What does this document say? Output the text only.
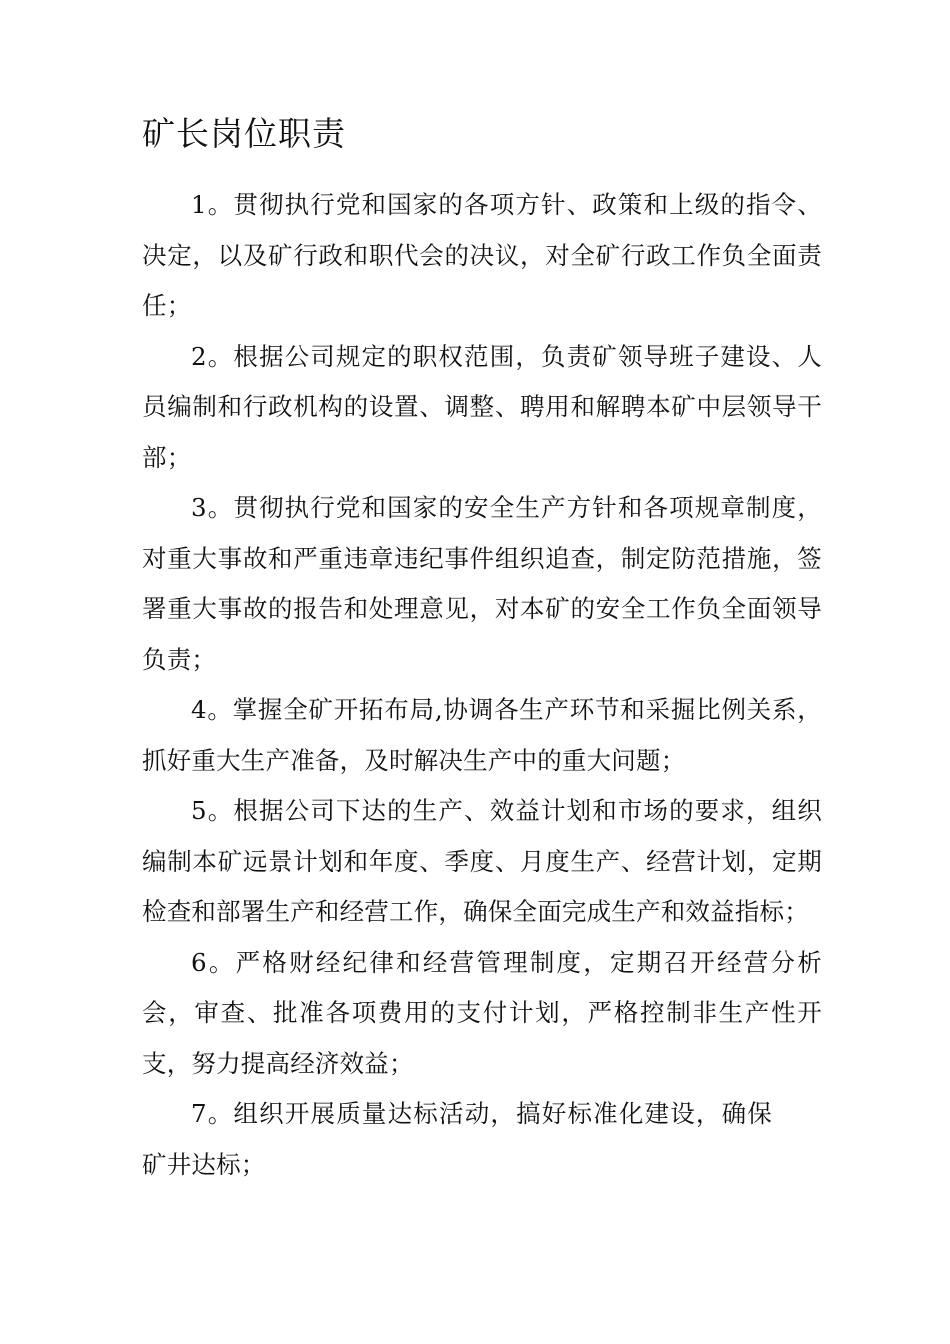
矿长岗位职责

1。贯彻执行党和国家的各项方针、政策和上级的指令、决定，以及矿行政和职代会的决议，对全矿行政工作负全面责任；

2。根据公司规定的职权范围，负责矿领导班子建设、人员编制和行政机构的设置、调整、聘用和解聘本矿中层领导干部；

3。贯彻执行党和国家的安全生产方针和各项规章制度，对重大事故和严重违章违纪事件组织追查，制定防范措施，签署重大事故的报告和处理意见，对本矿的安全工作负全面领导负责；

4。掌握全矿开拓布局,协调各生产环节和采掘比例关系，抓好重大生产准备，及时解决生产中的重大问题；

5。根据公司下达的生产、效益计划和市场的要求，组织编制本矿远景计划和年度、季度、月度生产、经营计划，定期检查和部署生产和经营工作，确保全面完成生产和效益指标；

6。严格财经纪律和经营管理制度，定期召开经营分析会，审查、批准各项费用的支付计划，严格控制非生产性开支，努力提高经济效益；

7。组织开展质量达标活动，搞好标准化建设，确保矿井达标；
